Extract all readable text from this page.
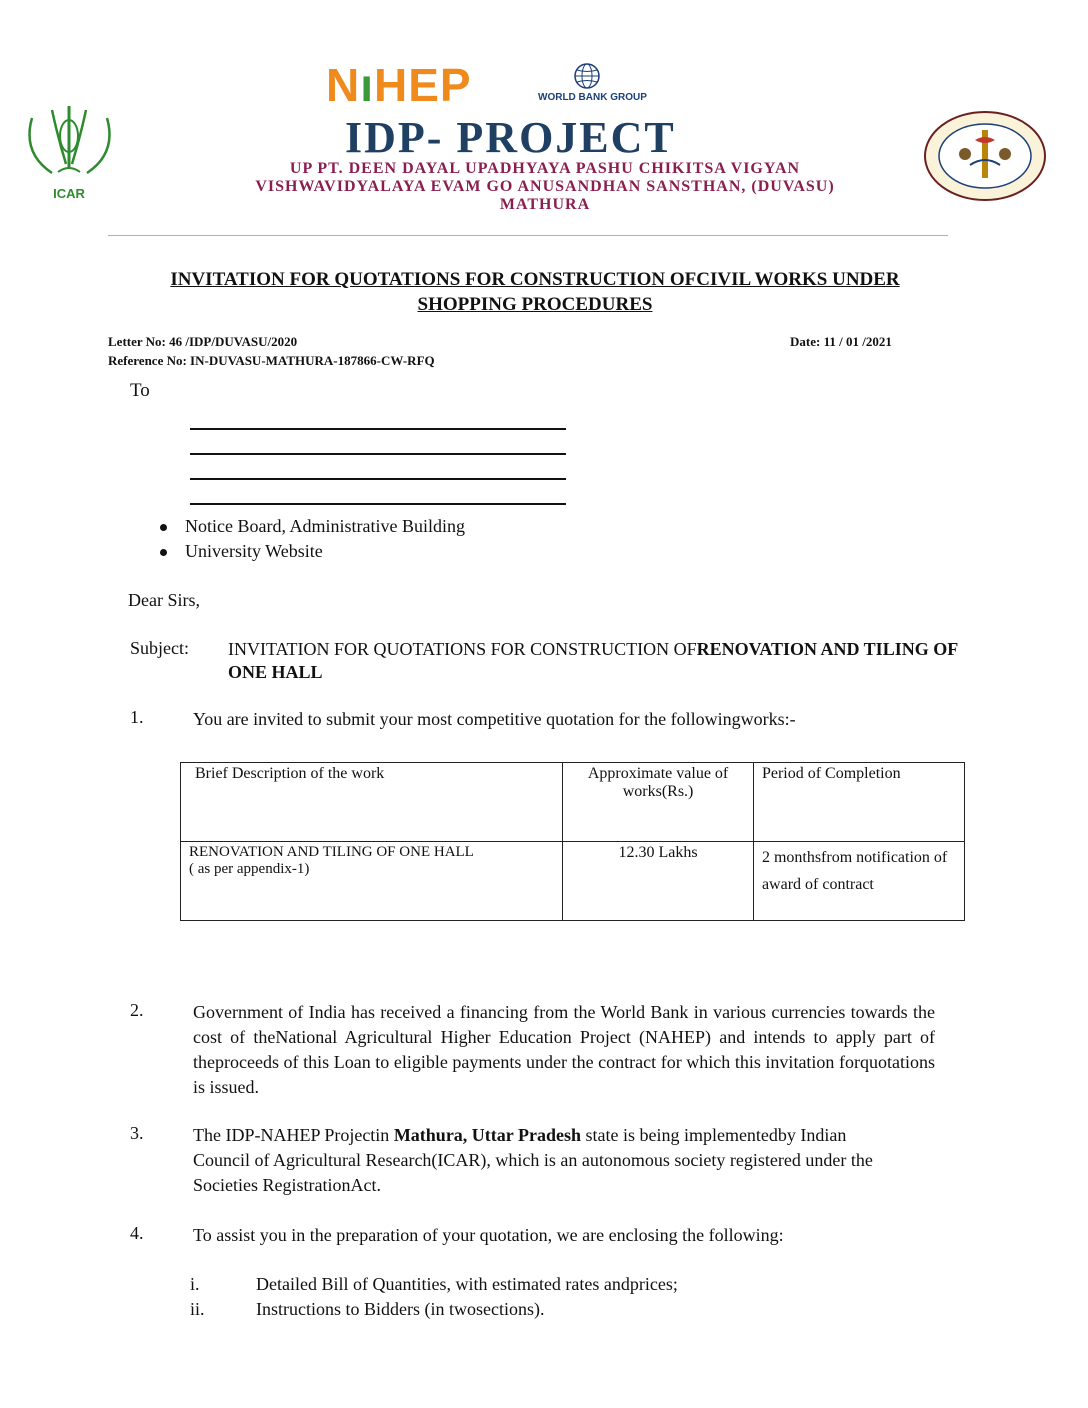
NıHEP	WORLD BANK GROUP
IDP- PROJECT
UP PT. DEEN DAYAL UPADHYAYA PASHU CHIKITSA VIGYAN
VISHWAVIDYALAYA EVAM GO ANUSANDHAN SANSTHAN, (DUVASU)
MATHURA
ICAR
INVITATION FOR QUOTATIONS FOR CONSTRUCTION OFCIVIL WORKS UNDER
SHOPPING PROCEDURES
Letter No: 46 /IDP/DUVASU/2020	Date: 11 / 01 /2021
Reference No: IN-DUVASU-MATHURA-187866-CW-RFQ
To
Notice Board, Administrative Building
University Website
Dear Sirs,
Subject: INVITATION FOR QUOTATIONS FOR CONSTRUCTION OFRENOVATION AND TILING OF ONE HALL
1.	You are invited to submit your most competitive quotation for the followingworks:-
Brief Description of the work	Approximate value of works(Rs.)	Period of Completion

RENOVATION AND TILING OF ONE HALL
( as per appendix-1)	12.30 Lakhs	2 monthsfrom notification of award of contract
2.	Government of India has received a financing from the World Bank in various currencies towards the cost of theNational Agricultural Higher Education Project (NAHEP) and intends to apply part of theproceeds of this Loan to eligible payments under the contract for which this invitation forquotations is issued.
3.	The IDP-NAHEP Projectin Mathura, Uttar Pradesh state is being implementedby Indian Council of Agricultural Research(ICAR), which is an autonomous society registered under the Societies RegistrationAct.
4.	To assist you in the preparation of your quotation, we are enclosing the following:
i.	Detailed Bill of Quantities, with estimated rates andprices;
ii.	Instructions to Bidders (in twosections).
